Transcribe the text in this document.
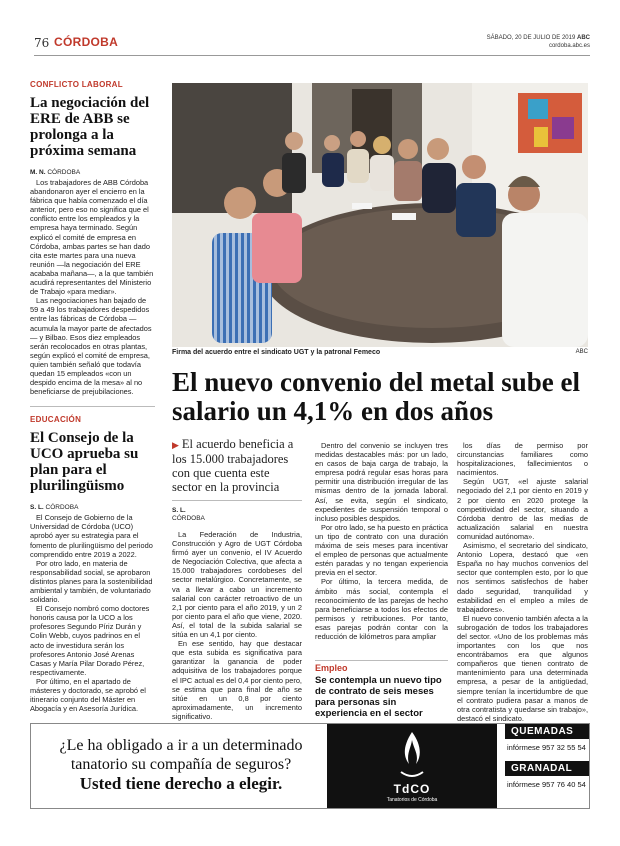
76 CÓRDOBA	SÁBADO, 20 DE JULIO DE 2019 ABC
cordoba.abc.es
CONFLICTO LABORAL
La negociación del ERE de ABB se prolonga a la próxima semana
M. N. CÓRDOBA

Los trabajadores de ABB Córdoba abandonaron ayer el encierro en la fábrica que había comenzado el día anterior, pero eso no significa que el conflicto entre los empleados y la empresa haya terminado. Según explicó el comité de empresa en Córdoba, ambas partes se han dado cita este martes para una nueva reunión —la negociación del ERE acababa mañana—, a la que también acudirá representantes del Ministerio de Trabajo «para mediar».

Las negociaciones han bajado de 59 a 49 los trabajadores despedidos entre las fábricas de Córdoba —acumula la mayor parte de afectados— y Bilbao. Esos diez empleados serán recolocados en otras plantas, según explicó el comité de empresa, quien también señaló que todavía quedan 15 empleados «con un despido encima de la mesa» al no beneficiarse de prejubilaciones.

EDUCACIÓN
El Consejo de la UCO aprueba su plan para el plurilingüismo
S. L. CÓRDOBA

El Consejo de Gobierno de la Universidad de Córdoba (UCO) aprobó ayer su estrategia para el fomento de plurilingüismo del periodo comprendido entre 2019 a 2022.

Por otro lado, en materia de responsabilidad social, se aprobaron distintos planes para la sostenibilidad ambiental y también, de voluntariado solidario.

El Consejo nombró como doctores honoris causa por la UCO a los profesores Segundo Píriz Durán y Colin Webb, cuyos padrinos en el acto de investidura serán los profesores Antonio José Arenas Casas y María Pilar Dorado Pérez, respectivamente.

Por último, en el apartado de másteres y doctorado, se aprobó el itinerario conjunto del Máster en Abogacía y en Asesoría Jurídica.

Firma del acuerdo entre el sindicato UGT y la patronal Femeco	ABC
El nuevo convenio del metal sube el salario un 4,1% en dos años
▶ El acuerdo beneficia a los 15.000 trabajadores con que cuenta este sector en la provincia
S. L.
CÓRDOBA

La Federación de Industria, Construcción y Agro de UGT Córdoba firmó ayer un convenio, el IV Acuerdo de Negociación Colectiva, que afecta a 15.000 trabajadores cordobeses del sector metalúrgico. Concretamente, se va a llevar a cabo un incremento salarial con carácter retroactivo de un 2,1 por ciento para el año 2019, y un 2 por ciento para el año que viene, 2020. Así, el total de la subida salarial se sitúa en un 4,1 por ciento.

En ese sentido, hay que destacar que esta subida es significativa para garantizar la ganancia de poder adquisitiva de los trabajadores porque el IPC actual es del 0,4 por ciento pero, se estima que para final de año se sitúe en un 0,8 por ciento aproximadamente, un incremento significativo.

Dentro del convenio se incluyen tres medidas destacables más: por un lado, en casos de baja carga de trabajo, la empresa podrá regular esas horas para permitir una distribución irregular de las mismas dentro de la jornada laboral. Así, se evita, según el sindicato, expedientes de suspensión temporal o incluso posibles despidos.

Por otro lado, se ha puesto en práctica un tipo de contrato con una duración máxima de seis meses para incentivar el empleo de personas que actualmente estén paradas y no tengan experiencia previa en el sector.

Por último, la tercera medida, de ámbito más social, contempla el reconocimiento de las parejas de hecho para beneficiarse a todos los efectos de permisos y retribuciones. Por tanto, esas parejas podrán contar con la reducción de kilómetros para ampliar

Empleo
Se contempla un nuevo tipo de contrato de seis meses para personas sin experiencia en el sector

los días de permiso por circunstancias familiares como hospitalizaciones, fallecimientos o nacimientos.

Según UGT, «el ajuste salarial negociado del 2,1 por ciento en 2019 y 2 por ciento en 2020 protege la competitividad del sector, situando a Córdoba dentro de las medias de actualización salarial en nuestra comunidad autónoma».

Asimismo, el secretario del sindicato, Antonio Lopera, destacó que «en España no hay muchos convenios del sector que contemplen esto, por lo que nos sentimos satisfechos de haber dado seguridad, tranquilidad y estabilidad en el empleo a miles de trabajadores».

El nuevo convenio también afecta a la subrogación de todos los trabajadores del sector. «Uno de los problemas más importantes con los que nos encontrábamos era que algunos compañeros que tienen contrato de mantenimiento para una determinada empresa, a pesar de la antigüedad, siempre tenían la incertidumbre de que el contrato pudiera pasar a manos de otra contratista y quedarse sin trabajo», destacó el sindicato.

¿Le ha obligado a ir a un determinado
tanatorio su compañía de seguros?
Usted tiene derecho a elegir.	TdCO
Tanatorios de Córdoba
QUEMADAS
infórmese 957 32 55 54
GRANADAL
infórmese 957 76 40 54
